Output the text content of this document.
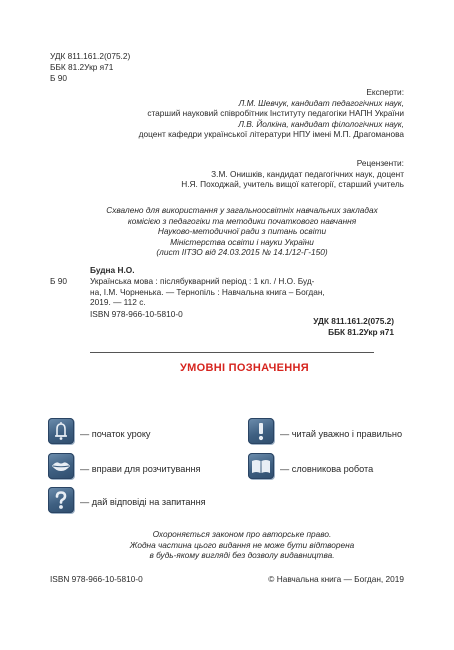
УДК 811.161.2(075.2)
ББК 81.2Укр я71
Б 90
Експерти:
Л.М. Шевчук, кандидат педагогічних наук,
старший науковий співробітник Інституту педагогіки НАПН України
Л.В. Йолкіна, кандидат філологічних наук,
доцент кафедри української літератури НПУ імені М.П. Драгоманова
Рецензенти:
З.М. Онишків, кандидат педагогічних наук, доцент
Н.Я. Походжай, учитель вищої категорії, старший учитель
Схвалено для використання у загальноосвітніх навчальних закладах
комісією з педагогіки та методики початкового навчання
Науково-методичної ради з питань освіти
Міністерства освіти і науки України
(лист ІІТЗО від 24.03.2015 № 14.1/12-Г-150)
Будна Н.О.
Б 90	Українська мова : післябукварний період : 1 кл. / Н.О. Буд-
на, І.М. Чорненька. — Тернопіль : Навчальна книга – Богдан,
2019. — 112 с.
ISBN 978-966-10-5810-0
УДК 811.161.2(075.2)
ББК 81.2Укр я71
УМОВНІ ПОЗНАЧЕННЯ
— початок уроку	— читай уважно і правильно
— вправи для розчитування	— словникова робота
— дай відповіді на запитання
Охороняється законом про авторське право.
Жодна частина цього видання не може бути відтворена
в будь-якому вигляді без дозволу видавництва.
ISBN 978-966-10-5810-0	© Навчальна книга — Богдан, 2019
